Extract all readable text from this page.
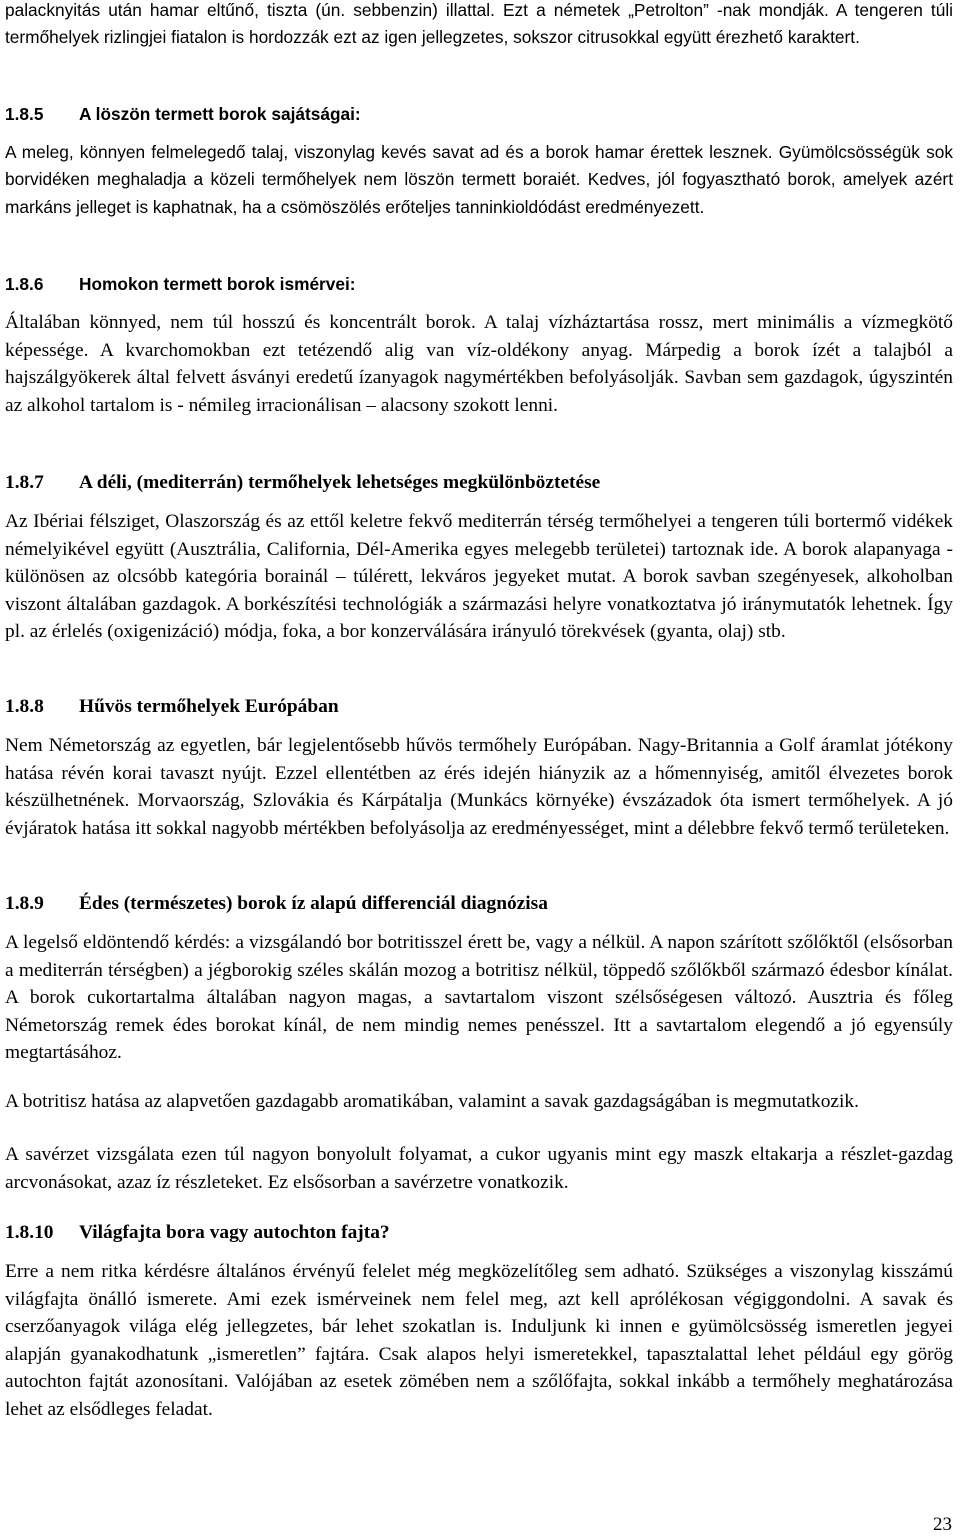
palacknyitás után hamar eltűnő, tiszta (ún. sebbenzin) illattal. Ezt a németek „Petrolton” -nak mondják. A tengeren túli termőhelyek rizlingjei fiatalon is hordozzák ezt az igen jellegzetes, sokszor citrusokkal együtt érezhető karaktert.

1.8.5 A löszön termett borok sajátságai:

A meleg, könnyen felmelegedő talaj, viszonylag kevés savat ad és a borok hamar érettek lesznek. Gyümölcsösségük sok borvidéken meghaladja a közeli termőhelyek nem löszön termett boraiét. Kedves, jól fogyasztható borok, amelyek azért markáns jelleget is kaphatnak, ha a csömöszölés erőteljes tanninkioldódást eredményezett.

1.8.6 Homokon termett borok ismérvei:

Általában könnyed, nem túl hosszú és koncentrált borok. A talaj vízháztartása rossz, mert minimális a vízmegkötő képessége. A kvarchomokban ezt tetézendő alig van víz-oldékony anyag. Márpedig a borok ízét a talajból a hajszálgyökerek által felvett ásványi eredetű ízanyagok nagymértékben befolyásolják. Savban sem gazdagok, úgyszintén az alkohol tartalom is - némileg irracionálisan – alacsony szokott lenni.

1.8.7 A déli, (mediterrán) termőhelyek lehetséges megkülönböztetése

Az Ibériai félsziget, Olaszország és az ettől keletre fekvő mediterrán térség termőhelyei a tengeren túli bortermő vidékek némelyikével együtt (Ausztrália, California, Dél-Amerika egyes melegebb területei) tartoznak ide. A borok alapanyaga - különösen az olcsóbb kategória borainál – túlérett, lekváros jegyeket mutat. A borok savban szegényesek, alkoholban viszont általában gazdagok. A borkészítési technológiák a származási helyre vonatkoztatva jó iránymutatók lehetnek. Így pl. az érlelés (oxigenizáció) módja, foka, a bor konzerválására irányuló törekvések (gyanta, olaj) stb.

1.8.8 Hűvös termőhelyek Európában

Nem Németország az egyetlen, bár legjelentősebb hűvös termőhely Európában. Nagy-Britannia a Golf áramlat jótékony hatása révén korai tavaszt nyújt. Ezzel ellentétben az érés idején hiányzik az a hőmennyiség, amitől élvezetes borok készülhetnének. Morvaország, Szlovákia és Kárpátalja (Munkács környéke) évszázadok óta ismert termőhelyek. A jó évjáratok hatása itt sokkal nagyobb mértékben befolyásolja az eredményességet, mint a délebbre fekvő termő területeken.

1.8.9 Édes (természetes) borok íz alapú differenciál diagnózisa

A legelső eldöntendő kérdés: a vizsgálandó bor botritisszel érett be, vagy a nélkül. A napon szárított szőlőktől (elsősorban a mediterrán térségben) a jégborokig széles skálán mozog a botritisz nélkül, töppedő szőlőkből származó édesbor kínálat. A borok cukortartalma általában nagyon magas, a savtartalom viszont szélsőségesen változó. Ausztria és főleg Németország remek édes borokat kínál, de nem mindig nemes penésszel. Itt a savtartalom elegendő a jó egyensúly megtartásához.

A botritisz hatása az alapvetően gazdagabb aromatikában, valamint a savak gazdagságában is megmutatkozik.

A savérzet vizsgálata ezen túl nagyon bonyolult folyamat, a cukor ugyanis mint egy maszk eltakarja a részlet-gazdag arcvonásokat, azaz íz részleteket. Ez elsősorban a savérzetre vonatkozik.

1.8.10 Világfajta bora vagy autochton fajta?

Erre a nem ritka kérdésre általános érvényű felelet még megközelítőleg sem adható. Szükséges a viszonylag kisszámú világfajta önálló ismerete. Ami ezek ismérveinek nem felel meg, azt kell aprólékosan végiggondolni. A savak és cserzőanyagok világa elég jellegzetes, bár lehet szokatlan is. Induljunk ki innen e gyümölcsösség ismeretlen jegyei alapján gyanakodhatunk „ismeretlen” fajtára. Csak alapos helyi ismeretekkel, tapasztalattal lehet például egy görög autochton fajtát azonosítani. Valójában az esetek zömében nem a szőlőfajta, sokkal inkább a termőhely meghatározása lehet az elsődleges feladat.

23
